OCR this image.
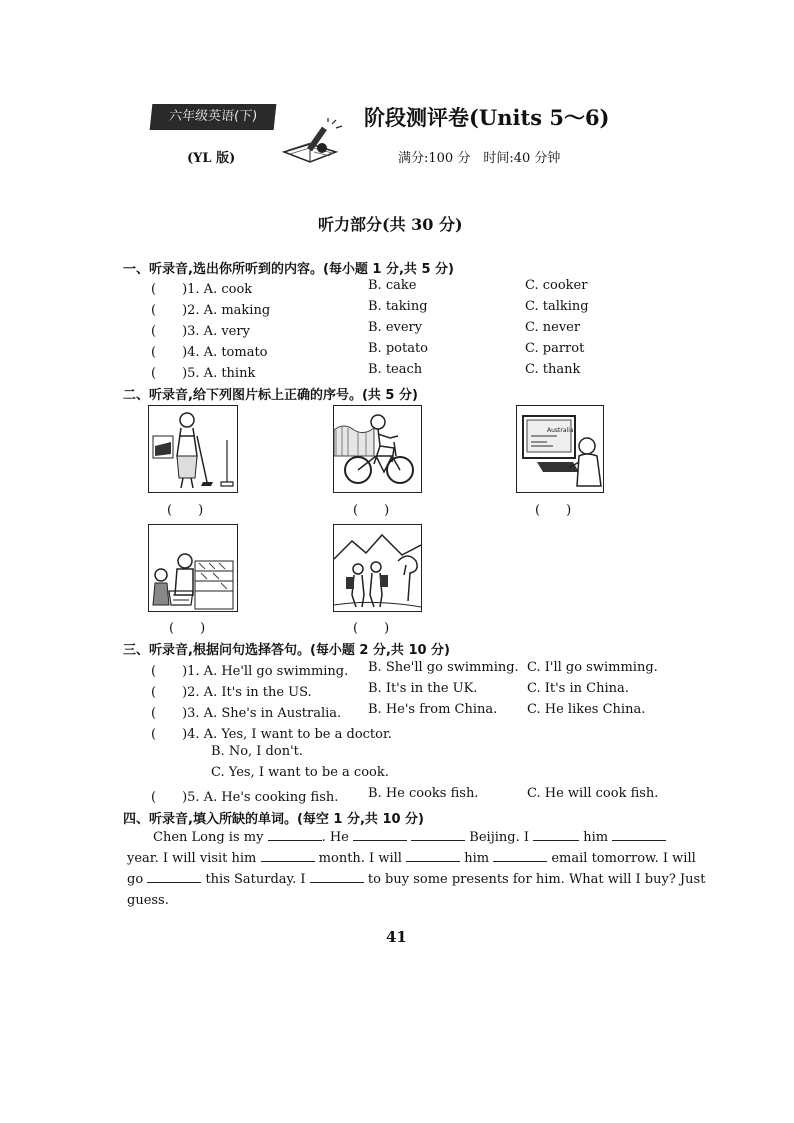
六年级英语(下)	阶段测评卷(Units 5～6)
(YL 版)	满分:100 分　时间:40 分钟
听力部分(共 30 分)
一、听录音,选出你所听到的内容。(每小题 1 分,共 5 分)
(　　)1. A. cook	B. cake	C. cooker
(　　)2. A. making	B. taking	C. talking
(　　)3. A. very	B. every	C. never
(　　)4. A. tomato	B. potato	C. parrot
(　　)5. A. think	B. teach	C. thank
二、听录音,给下列图片标上正确的序号。(共 5 分)
Australia
(　　)	(　　)	(　　)
(　　)	(　　)
三、听录音,根据问句选择答句。(每小题 2 分,共 10 分)
(　　)1. A. He'll go swimming. B. She'll go swimming. C. I'll go swimming.
(　　)2. A. It's in the US.	B. It's in the UK.	C. It's in China.
(　　)3. A. She's in Australia. B. He's from China. C. He likes China.
(　　)4. A. Yes, I want to be a doctor.
B. No, I don't.
C. Yes, I want to be a cook.
(　　)5. A. He's cooking fish. B. He cooks fish.	C. He will cook fish.
四、听录音,填入所缺的单词。(每空 1 分,共 10 分)
Chen Long is my	. He	Beijing. I	him
year. I will visit him	month. I will	him	email tomorrow. I will
go	this Saturday. I	to buy some presents for him. What will I buy? Just
guess.
41
